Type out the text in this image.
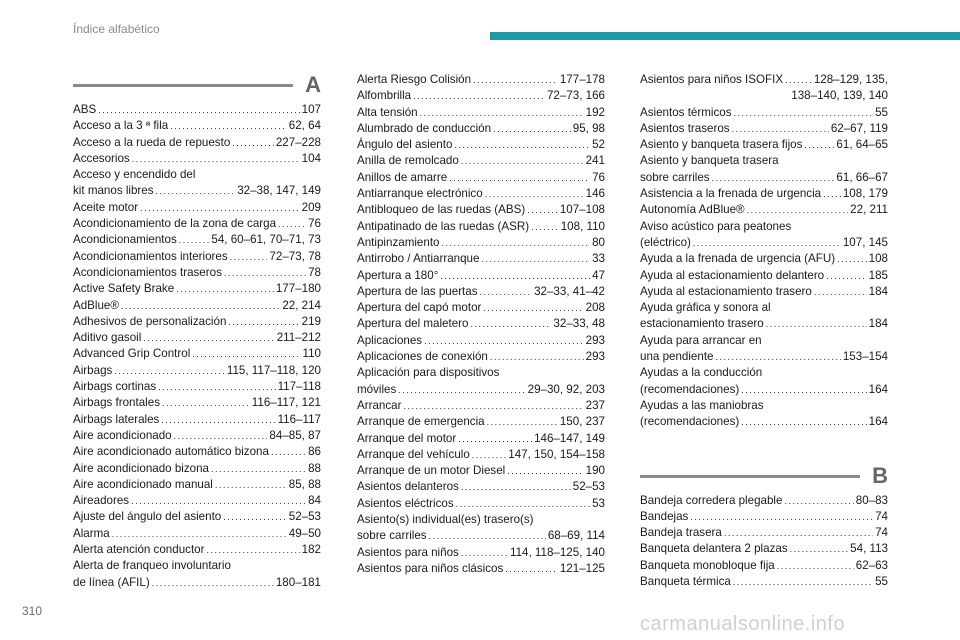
Índice alfabético
A
ABS .....	107
Acceso a la 3 ª fila .....	62, 64
Acceso a la rueda de repuesto .....	227–228
Accesorios .....	104
Acceso y encendido del
kit manos libres .....	32–38, 147, 149
Aceite motor .....	209
Acondicionamiento de la zona de carga .....	76
Acondicionamientos .....	54, 60–61, 70–71, 73
Acondicionamientos interiores .....	72–73, 78
Acondicionamientos traseros .....	78
Active Safety Brake .....	177–180
AdBlue® .....	22, 214
Adhesivos de personalización .....	219
Aditivo gasoil .....	211–212
Advanced Grip Control .....	110
Airbags .....	115, 117–118, 120
Airbags cortinas .....	117–118
Airbags frontales .....	116–117, 121
Airbags laterales .....	116–117
Aire acondicionado .....	84–85, 87
Aire acondicionado automático bizona .....	86
Aire acondicionado bizona .....	88
Aire acondicionado manual .....	85, 88
Aireadores .....	84
Ajuste del ángulo del asiento .....	52–53
Alarma .....	49–50
Alerta atención conductor .....	182
Alerta de franqueo involuntario
de línea (AFIL) .....	180–181
Alerta Riesgo Colisión .....	177–178
Alfombrilla .....	72–73, 166
Alta tensión .....	192
Alumbrado de conducción .....	95, 98
Ángulo del asiento .....	52
Anilla de remolcado .....	241
Anillos de amarre .....	76
Antiarranque electrónico .....	146
Antibloqueo de las ruedas (ABS) .....	107–108
Antipatinado de las ruedas (ASR) .....	108, 110
Antipinzamiento .....	80
Antirrobo / Antiarranque .....	33
Apertura a 180° .....	47
Apertura de las puertas .....	32–33, 41–42
Apertura del capó motor .....	208
Apertura del maletero .....	32–33, 48
Aplicaciones .....	293
Aplicaciones de conexión .....	293
Aplicación para dispositivos
móviles .....	29–30, 92, 203
Arrancar .....	237
Arranque de emergencia .....	150, 237
Arranque del motor .....	146–147, 149
Arranque del vehículo .....	147, 150, 154–158
Arranque de un motor Diesel .....	190
Asientos delanteros .....	52–53
Asientos eléctricos .....	53
Asiento(s) individual(es) trasero(s)
sobre carriles .....	68–69, 114
Asientos para niños .....	114, 118–125, 140
Asientos para niños clásicos .....	121–125
Asientos para niños ISOFIX .....	128–129, 135,
138–140, 139, 140
Asientos térmicos .....	55
Asientos traseros .....	62–67, 119
Asiento y banqueta trasera fijos .....	61, 64–65
Asiento y banqueta trasera
sobre carriles .....	61, 66–67
Asistencia a la frenada de urgencia ..... 108, 179
Autonomía AdBlue® .....	22, 211
Aviso acústico para peatones
(eléctrico) .....	107, 145
Ayuda a la frenada de urgencia (AFU) .....	108
Ayuda al estacionamiento delantero .....	185
Ayuda al estacionamiento trasero .....	184
Ayuda gráfica y sonora al
estacionamiento trasero .....	184
Ayuda para arrancar en
una pendiente .....	153–154
Ayudas a la conducción
(recomendaciones) .....	164
Ayudas a las maniobras
(recomendaciones) .....	164
B
Bandeja corredera plegable .....	80–83
Bandejas .....	74
Bandeja trasera .....	74
Banqueta delantera 2 plazas .....	54, 113
Banqueta monobloque fija .....	62–63
Banqueta térmica .....	55
310
carmanualsonline.info
